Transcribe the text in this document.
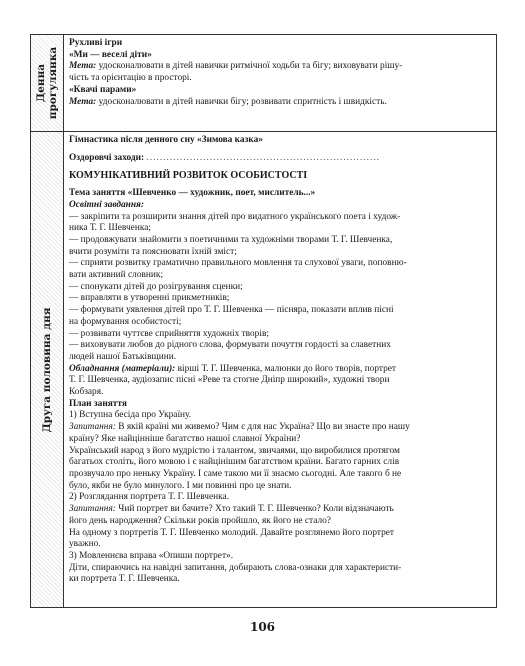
Денна
прогулянка

Рухливі ігри

«Ми — веселі діти»

Мета: удосконалювати в дітей навички ритмічної ходьби та бігу; виховувати рішу-

чість та орієнтацію в просторі.

«Квачі парами»

Мета: удосконалювати в дітей навички бігу; розвивати спритність і швидкість.

Друга половина дня

Гімнастика після денного сну «Зимова казка»

Оздоровчі заходи: ......................................................................

КОМУНІКАТИВНИЙ РОЗВИТОК ОСОБИСТОСТІ

Тема заняття «Шевченко — художник, поет, мислитель...»

Освітні завдання:

— закріпити та розширити знання дітей про видатного українського поета і худож-

ника Т. Г. Шевченка;

— продовжувати знайомити з поетичними та художніми творами Т. Г. Шевченка,

вчити розуміти та пояснювати їхній зміст;

— сприяти розвитку граматично правильного мовлення та слухової уваги, поповню-

вати активний словник;

— спонукати дітей до розігрування сценки;

— вправляти в утворенні прикметників;

— формувати уявлення дітей про Т. Г. Шевченка — пісняра, показати вплив пісні

на формування особистості;

— розвивати чуттєве сприйняття художніх творів;

— виховувати любов до рідного слова, формувати почуття гордості за славетних

людей нашої Батьківщини.

Обладнання (матеріали): вірші Т. Г. Шевченка, малюнки до його творів, портрет

Т. Г. Шевченка, аудіозапис пісні «Реве та стогне Дніпр широкий», художні твори

Кобзаря.

План заняття

1) Вступна бесіда про Україну.

Запитання: В якій країні ми живемо? Чим є для нас Україна? Що ви знаєте про нашу

країну? Яке найцінніше багатство нашої славної України?

Український народ з його мудрістю і талантом, звичаями, що виробилися протягом

багатьох століть, його мовою і є найцінішим багатством країни. Багато гарних слів

прозвучало про неньку Україну. І саме такою ми її знаємо сьогодні. Але такого б не

було, якби не було минулого. І ми повинні про це знати.

2) Розглядання портрета Т. Г. Шевченка.

Запитання: Чий портрет ви бачите? Хто такий Т. Г. Шевченко? Коли відзначають

його день народження? Скільки років пройшло, як його не стало?

На одному з портретів Т. Г. Шевченко молодий. Давайте розглянемо його портрет

уважно.

3) Мовленнєва вправа «Опиши портрет».

Діти, спираючись на навідні запитання, добирають слова-ознаки для характеристи-

ки портрета Т. Г. Шевченка.

106
